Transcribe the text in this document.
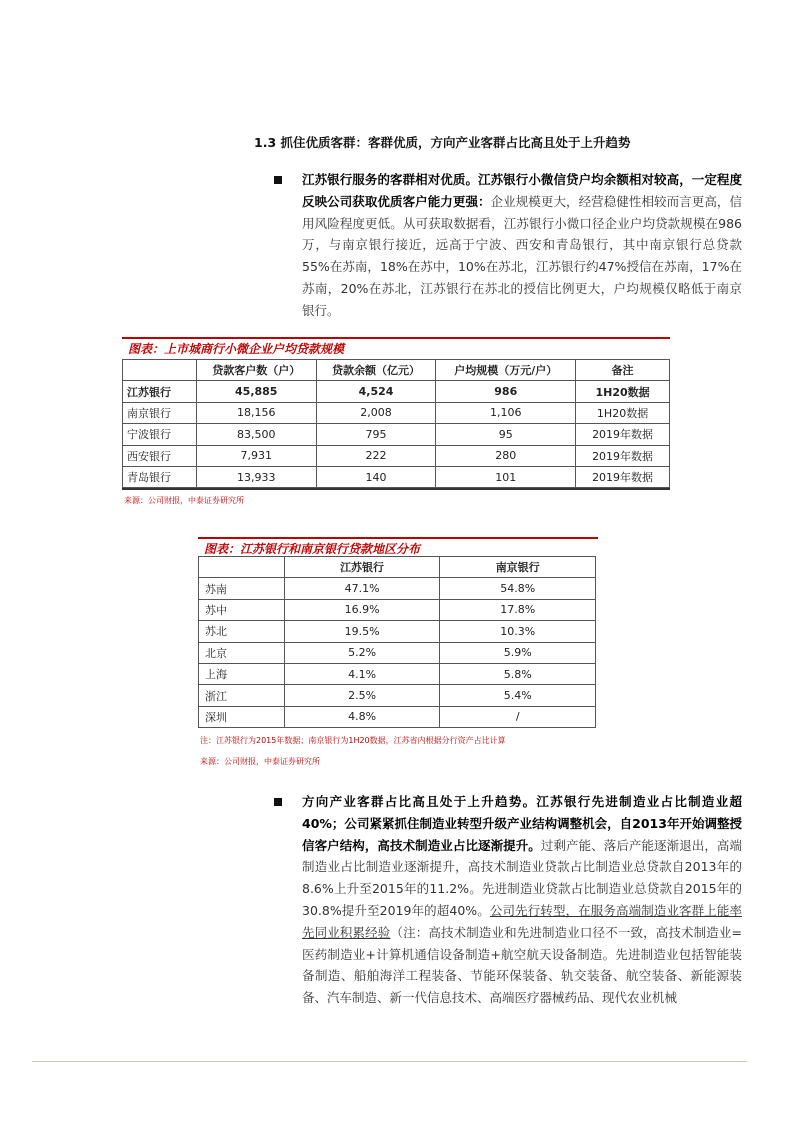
1.3 抓住优质客群：客群优质，方向产业客群占比高且处于上升趋势
江苏银行服务的客群相对优质。江苏银行小微信贷户均余额相对较高，一定程度反映公司获取优质客户能力更强：企业规模更大，经营稳健性相较而言更高，信用风险程度更低。从可获取数据看，江苏银行小微口径企业户均贷款规模在986万，与南京银行接近，远高于宁波、西安和青岛银行，其中南京银行总贷款55%在苏南，18%在苏中，10%在苏北，江苏银行约47%授信在苏南，17%在苏南，20%在苏北，江苏银行在苏北的授信比例更大，户均规模仅略低于南京银行。
图表：上市城商行小微企业户均贷款规模
	贷款客户数（户）	贷款余额（亿元）	户均规模（万元/户）	备注
江苏银行	45,885	4,524	986	1H20数据
南京银行	18,156	2,008	1,106	1H20数据
宁波银行	83,500	795	95	2019年数据
西安银行	7,931	222	280	2019年数据
青岛银行	13,933	140	101	2019年数据
来源：公司财报，中泰证券研究所
图表：江苏银行和南京银行贷款地区分布
	江苏银行	南京银行
苏南	47.1%	54.8%
苏中	16.9%	17.8%
苏北	19.5%	10.3%
北京	5.2%	5.9%
上海	4.1%	5.8%
浙江	2.5%	5.4%
深圳	4.8%	/
注：江苏银行为2015年数据；南京银行为1H20数据，江苏省内根据分行资产占比计算
来源：公司财报，中泰证券研究所
方向产业客群占比高且处于上升趋势。江苏银行先进制造业占比制造业超40%；公司紧紧抓住制造业转型升级产业结构调整机会，自2013年开始调整授信客户结构，高技术制造业占比逐渐提升。过剩产能、落后产能逐渐退出，高端制造业占比制造业逐渐提升，高技术制造业贷款占比制造业总贷款自2013年的8.6%上升至2015年的11.2%。先进制造业贷款占比制造业总贷款自2015年的30.8%提升至2019年的超40%。公司先行转型，在服务高端制造业客群上能率先同业积累经验（注：高技术制造业和先进制造业口径不一致，高技术制造业=医药制造业+计算机通信设备制造+航空航天设备制造。先进制造业包括智能装备制造、船舶海洋工程装备、节能环保装备、轨交装备、航空装备、新能源装备、汽车制造、新一代信息技术、高端医疗器械药品、现代农业机械
